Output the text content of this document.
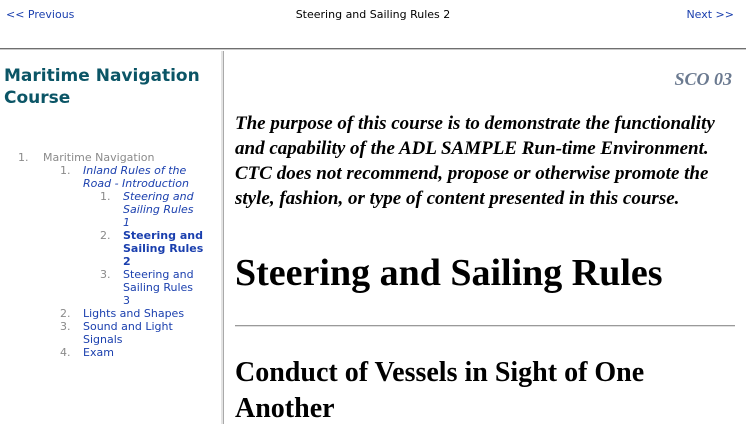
<< Previous	Steering and Sailing Rules 2	Next >>
Maritime Navigation Course
1. Maritime Navigation
1. Inland Rules of the Road - Introduction
1. Steering and Sailing Rules 1
2. Steering and Sailing Rules 2
3. Steering and Sailing Rules 3
2. Lights and Shapes
3. Sound and Light Signals
4. Exam
SCO 03

The purpose of this course is to demonstrate the functionality and capability of the ADL SAMPLE Run-time Environment. CTC does not recommend, propose or otherwise promote the style, fashion, or type of content presented in this course.

Steering and Sailing Rules
Conduct of Vessels in Sight of One Another
